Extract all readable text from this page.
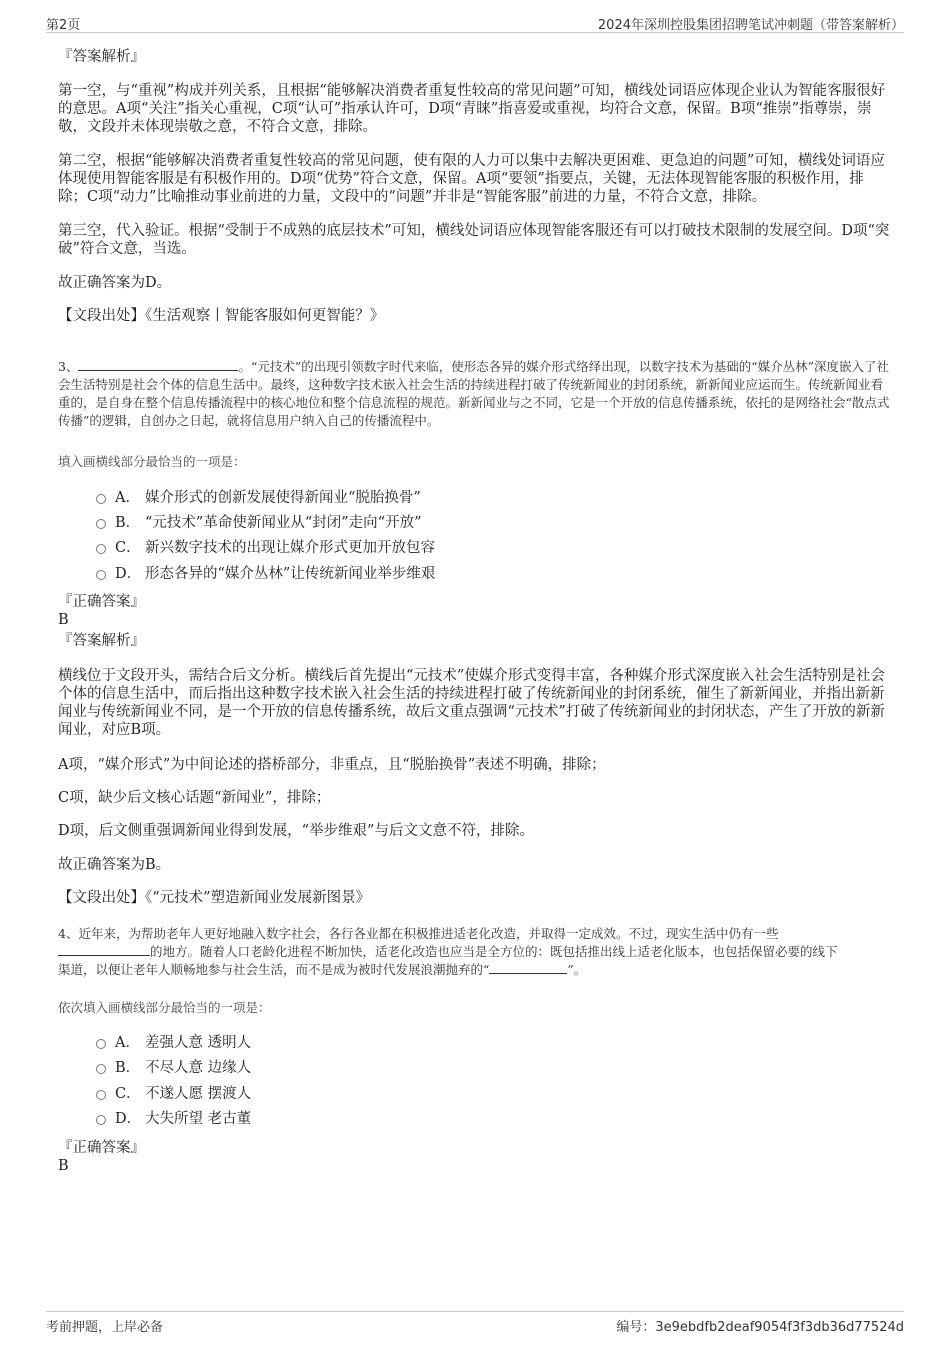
第2页	2024年深圳控股集团招聘笔试冲刺题（带答案解析）
『答案解析』
第一空，与“重视”构成并列关系，且根据“能够解决消费者重复性较高的常见问题”可知，横线处词语应体现企业认为智能客服很好的意思。A项“关注”指关心重视，C项“认可”指承认许可，D项“青睐”指喜爱或重视，均符合文意，保留。B项“推崇”指尊崇，崇敬，文段并未体现崇敬之意，不符合文意，排除。
第二空，根据“能够解决消费者重复性较高的常见问题，使有限的人力可以集中去解决更困难、更急迫的问题”可知，横线处词语应体现使用智能客服是有积极作用的。D项“优势”符合文意，保留。A项“要领”指要点，关键，无法体现智能客服的积极作用，排除；C项“动力”比喻推动事业前进的力量，文段中的“问题”并非是“智能客服”前进的力量，不符合文意，排除。
第三空，代入验证。根据“受制于不成熟的底层技术”可知，横线处词语应体现智能客服还有可以打破技术限制的发展空间。D项“突破”符合文意，当选。
故正确答案为D。
【文段出处】《生活观察丨智能客服如何更智能？》
3、	。“元技术”的出现引领数字时代来临，使形态各异的媒介形式络绎出现，以数字技术为基础的“媒介丛林”深度嵌入了社会生活特别是社会个体的信息生活中。最终，这种数字技术嵌入社会生活的持续进程打破了传统新闻业的封闭系统，新新闻业应运而生。传统新闻业看重的，是自身在整个信息传播流程中的核心地位和整个信息流程的规范。新新闻业与之不同，它是一个开放的信息传播系统，依托的是网络社会“散点式传播”的逻辑，自创办之日起，就将信息用户纳入自己的传播流程中。
填入画横线部分最恰当的一项是：
A． 媒介形式的创新发展使得新闻业“脱胎换骨”
B． “元技术”革命使新闻业从“封闭”走向“开放”
C． 新兴数字技术的出现让媒介形式更加开放包容
D． 形态各异的“媒介丛林”让传统新闻业举步维艰
『正确答案』
B
『答案解析』
横线位于文段开头，需结合后文分析。横线后首先提出“元技术”使媒介形式变得丰富，各种媒介形式深度嵌入社会生活特别是社会个体的信息生活中，而后指出这种数字技术嵌入社会生活的持续进程打破了传统新闻业的封闭系统，催生了新新闻业，并指出新新闻业与传统新闻业不同，是一个开放的信息传播系统，故后文重点强调“元技术”打破了传统新闻业的封闭状态，产生了开放的新新闻业，对应B项。
A项，“媒介形式”为中间论述的搭桥部分，非重点，且“脱胎换骨”表述不明确，排除；
C项，缺少后文核心话题“新闻业”，排除；
D项，后文侧重强调新闻业得到发展，“举步维艰”与后文文意不符，排除。
故正确答案为B。
【文段出处】《“元技术”塑造新闻业发展新图景》
4、近年来，为帮助老年人更好地融入数字社会，各行各业都在积极推进适老化改造，并取得一定成效。不过，现实生活中仍有一些
的地方。随着人口老龄化进程不断加快，适老化改造也应当是全方位的：既包括推出线上适老化版本，也包括保留必要的线下
渠道，以便让老年人顺畅地参与社会生活，而不是成为被时代发展浪潮抛弃的“	”。
依次填入画横线部分最恰当的一项是：
A． 差强人意 透明人
B． 不尽人意 边缘人
C． 不遂人愿 摆渡人
D． 大失所望 老古董
『正确答案』
B
考前押题，上岸必备	编号：3e9ebdfb2deaf9054f3f3db36d77524d
